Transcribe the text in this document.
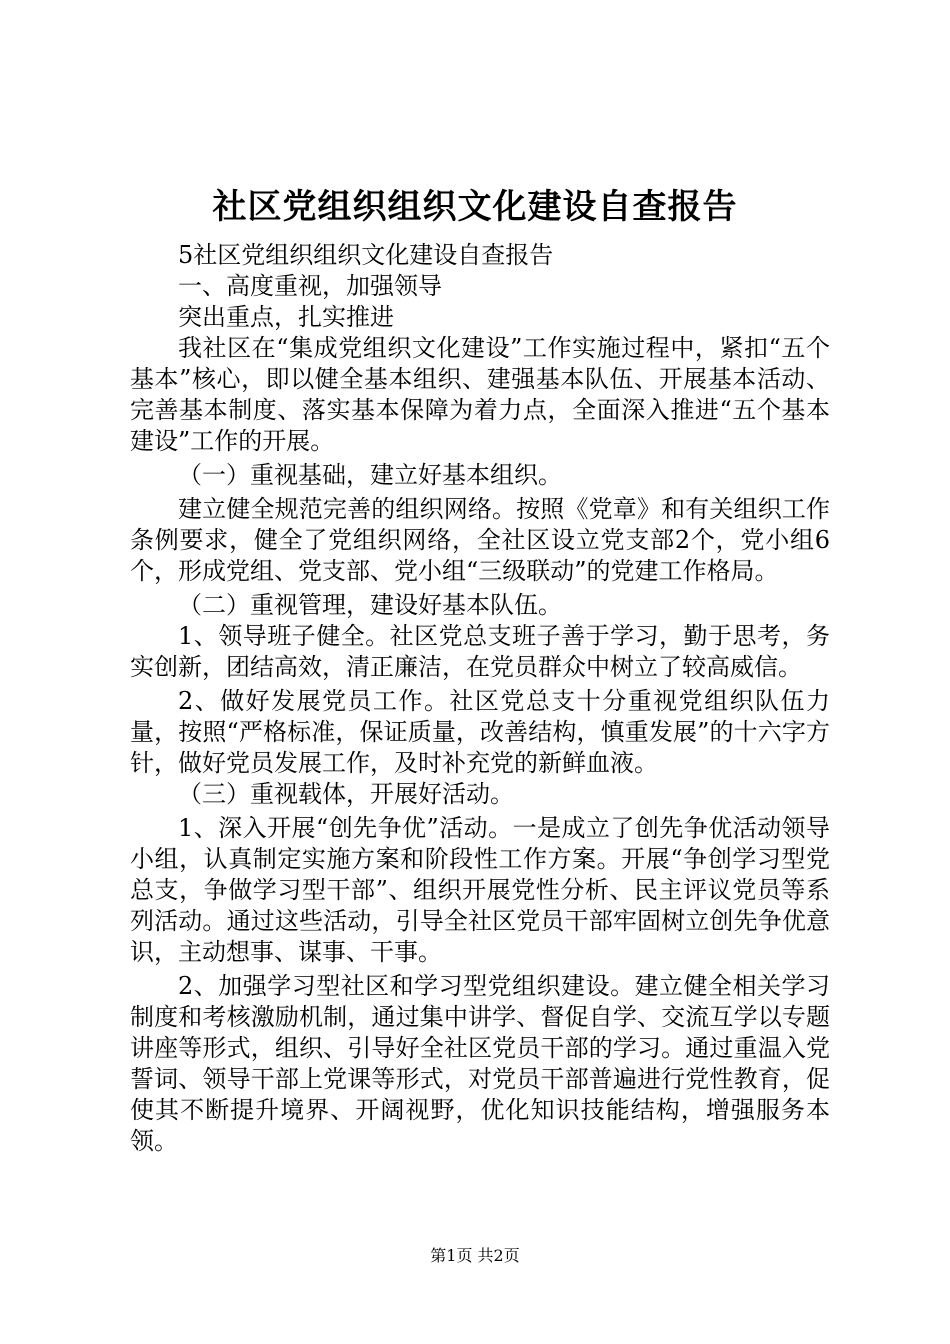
社区党组织组织文化建设自查报告

5社区党组织组织文化建设自查报告

一、高度重视，加强领导

突出重点，扎实推进

我社区在“集成党组织文化建设”工作实施过程中，紧扣“五个基本”核心，即以健全基本组织、建强基本队伍、开展基本活动、完善基本制度、落实基本保障为着力点，全面深入推进“五个基本建设”工作的开展。

（一）重视基础，建立好基本组织。

建立健全规范完善的组织网络。按照《党章》和有关组织工作条例要求，健全了党组织网络，全社区设立党支部2个，党小组6个，形成党组、党支部、党小组“三级联动”的党建工作格局。

（二）重视管理，建设好基本队伍。

1、领导班子健全。社区党总支班子善于学习，勤于思考，务实创新，团结高效，清正廉洁，在党员群众中树立了较高威信。

2、做好发展党员工作。社区党总支十分重视党组织队伍力量，按照“严格标准，保证质量，改善结构，慎重发展”的十六字方针，做好党员发展工作，及时补充党的新鲜血液。

（三）重视载体，开展好活动。

1、深入开展“创先争优”活动。一是成立了创先争优活动领导小组，认真制定实施方案和阶段性工作方案。开展“争创学习型党总支，争做学习型干部”、组织开展党性分析、民主评议党员等系列活动。通过这些活动，引导全社区党员干部牢固树立创先争优意识，主动想事、谋事、干事。

2、加强学习型社区和学习型党组织建设。建立健全相关学习制度和考核激励机制，通过集中讲学、督促自学、交流互学以专题讲座等形式，组织、引导好全社区党员干部的学习。通过重温入党誓词、领导干部上党课等形式，对党员干部普遍进行党性教育，促使其不断提升境界、开阔视野，优化知识技能结构，增强服务本领。

第1页 共2页
